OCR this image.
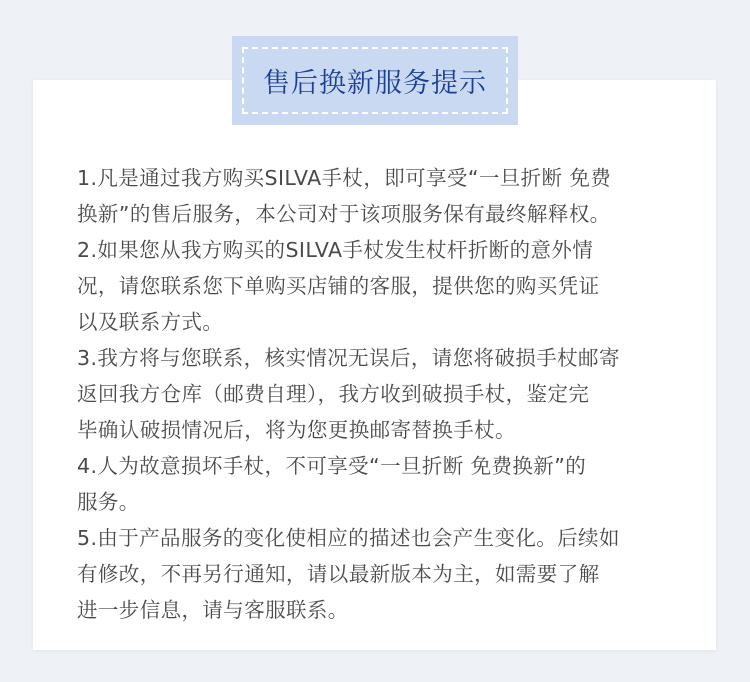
售后换新服务提示

1.凡是通过我方购买SILVA手杖，即可享受“一旦折断 免费

换新”的售后服务，本公司对于该项服务保有最终解释权。

2.如果您从我方购买的SILVA手杖发生杖杆折断的意外情

况，请您联系您下单购买店铺的客服，提供您的购买凭证

以及联系方式。

3.我方将与您联系，核实情况无误后，请您将破损手杖邮寄

返回我方仓库（邮费自理），我方收到破损手杖，鉴定完

毕确认破损情况后，将为您更换邮寄替换手杖。

4.人为故意损坏手杖，不可享受“一旦折断 免费换新”的

服务。

5.由于产品服务的变化使相应的描述也会产生变化。后续如

有修改，不再另行通知，请以最新版本为主，如需要了解

进一步信息，请与客服联系。
